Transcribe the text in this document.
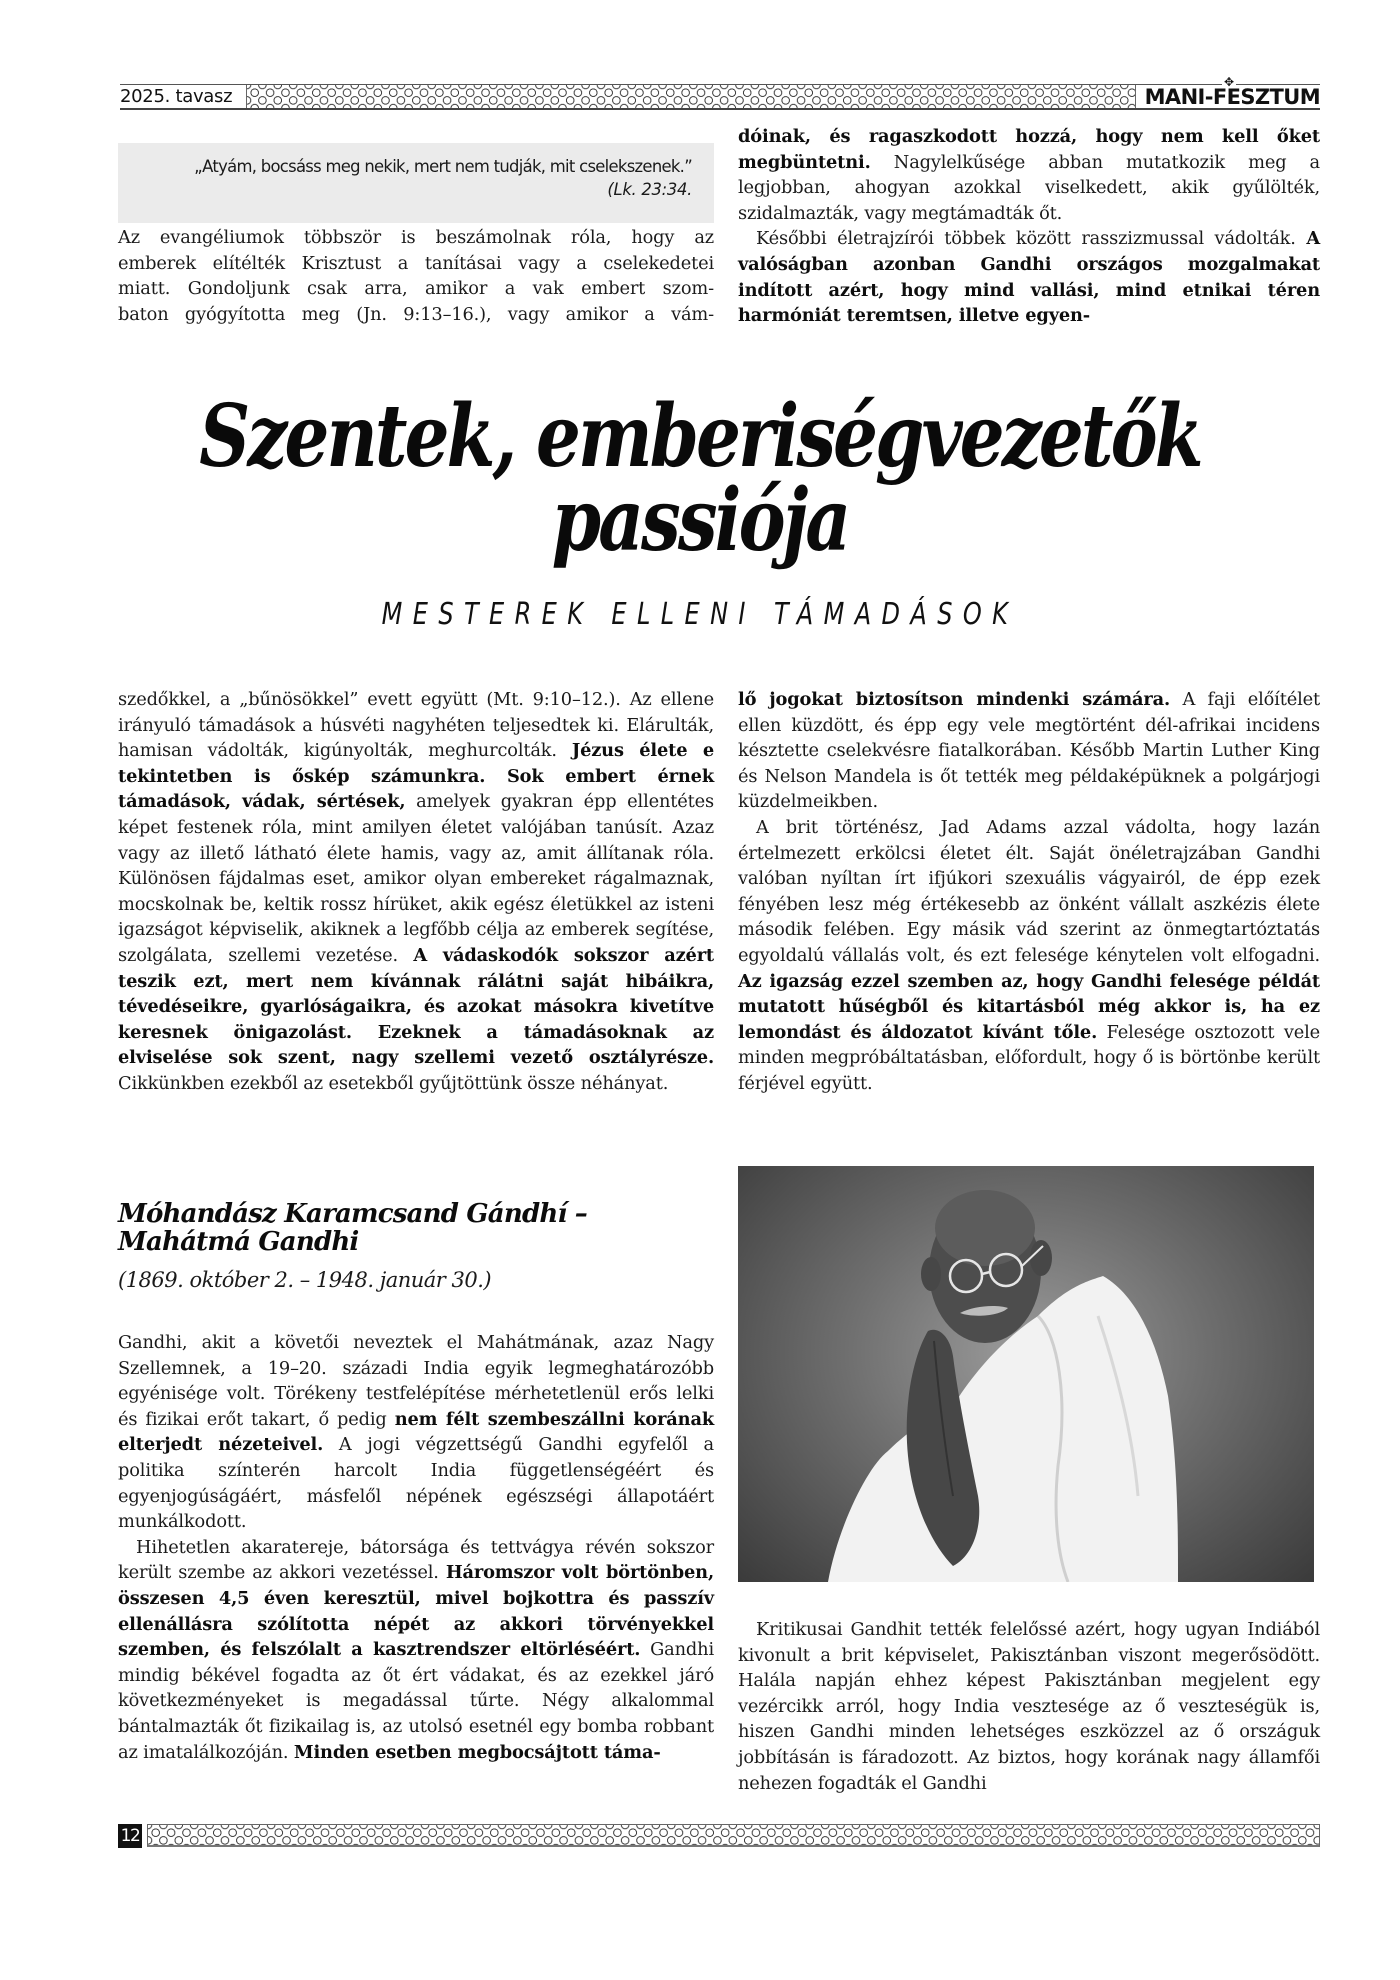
2025. tavasz
✥
MANI-FESZTUM
„Atyám, bocsáss meg nekik, mert nem tudják, mit cselekszenek.”
(Lk. 23:34.
Az evangéliumok többször is beszámolnak róla, hogy az
emberek elítélték Krisztust a tanításai vagy a cselekedetei
miatt. Gondoljunk csak arra, amikor a vak embert szom-
baton gyógyította meg (Jn. 9:13–16.), vagy amikor a vám-

dóinak, és ragaszkodott hozzá, hogy nem kell őket megbüntetni. Nagylelkűsége abban mutatkozik meg a legjobban, ahogyan azokkal viselkedett, akik gyűlölték, szidalmazták, vagy megtámadták őt.

Későbbi életrajzírói többek között rasszizmussal vádolták. A valóságban azonban Gandhi országos mozgalmakat indított azért, hogy mind vallási, mind etnikai téren harmóniát teremtsen, illetve egyen-

Szentek, emberiségvezetők
passiója
MESTEREK ELLENI TÁMADÁSOK

szedőkkel, a „bűnösökkel” evett együtt (Mt. 9:10–12.). Az ellene irányuló támadások a húsvéti nagyhéten teljesedtek ki. Elárulták, hamisan vádolták, kigúnyolták, meghurcolták. Jézus élete e tekintetben is őskép számunkra. Sok embert érnek támadások, vádak, sértések, amelyek gyakran épp ellentétes képet festenek róla, mint amilyen életet valójában tanúsít. Azaz vagy az illető látható élete hamis, vagy az, amit állítanak róla. Különösen fájdalmas eset, amikor olyan embereket rágalmaznak, mocskolnak be, keltik rossz hírüket, akik egész életükkel az isteni igazságot képviselik, akiknek a legfőbb célja az emberek segítése, szolgálata, szellemi vezetése. A vádaskodók sokszor azért teszik ezt, mert nem kívánnak rálátni saját hibáikra, tévedéseikre, gyarlóságaikra, és azokat másokra kivetítve keresnek önigazolást. Ezeknek a támadásoknak az elviselése sok szent, nagy szellemi vezető osztályrésze. Cikkünkben ezekből az esetekből gyűjtöttünk össze néhányat.

lő jogokat biztosítson mindenki számára. A faji előítélet ellen küzdött, és épp egy vele megtörtént dél-afrikai incidens késztette cselekvésre fiatalkorában. Később Martin Luther King és Nelson Mandela is őt tették meg példaképüknek a polgárjogi küzdelmeikben.

A brit történész, Jad Adams azzal vádolta, hogy lazán értelmezett erkölcsi életet élt. Saját önéletrajzában Gandhi valóban nyíltan írt ifjúkori szexuális vágyairól, de épp ezek fényében lesz még értékesebb az önként vállalt aszkézis élete második felében. Egy másik vád szerint az önmegtartóztatás egyoldalú vállalás volt, és ezt felesége kénytelen volt elfogadni. Az igazság ezzel szemben az, hogy Gandhi felesége példát mutatott hűségből és kitartásból még akkor is, ha ez lemondást és áldozatot kívánt tőle. Felesége osztozott vele minden megpróbáltatásban, előfordult, hogy ő is börtönbe került férjével együtt.

Móhandász Karamcsand Gándhí –
Mahátmá Gandhi
(1869. október 2. – 1948. január 30.)

Gandhi, akit a követői neveztek el Mahátmának, azaz Nagy Szellemnek, a 19–20. századi India egyik legmeghatározóbb egyénisége volt. Törékeny testfelépítése mérhetetlenül erős lelki és fizikai erőt takart, ő pedig nem félt szembeszállni korának elterjedt nézeteivel. A jogi végzettségű Gandhi egyfelől a politika színterén harcolt India függetlenségéért és egyenjogúságáért, másfelől népének egészségi állapotáért munkálkodott.

Hihetetlen akaratereje, bátorsága és tettvágya révén sokszor került szembe az akkori vezetéssel. Háromszor volt börtönben, összesen 4,5 éven keresztül, mivel bojkottra és passzív ellenállásra szólította népét az akkori törvényekkel szemben, és felszólalt a kasztrendszer eltörléséért. Gandhi mindig békével fogadta az őt ért vádakat, és az ezekkel járó következményeket is megadással tűrte. Négy alkalommal bántalmazták őt fizikailag is, az utolsó esetnél egy bomba robbant az imatalálkozóján. Minden esetben megbocsájtott táma-

Kritikusai Gandhit tették felelőssé azért, hogy ugyan Indiából kivonult a brit képviselet, Pakisztánban viszont megerősödött. Halála napján ehhez képest Pakisztánban megjelent egy vezércikk arról, hogy India vesztesége az ő veszteségük is, hiszen Gandhi minden lehetséges eszközzel az ő országuk jobbításán is fáradozott. Az biztos, hogy korának nagy államfői nehezen fogadták el Gandhi

12
